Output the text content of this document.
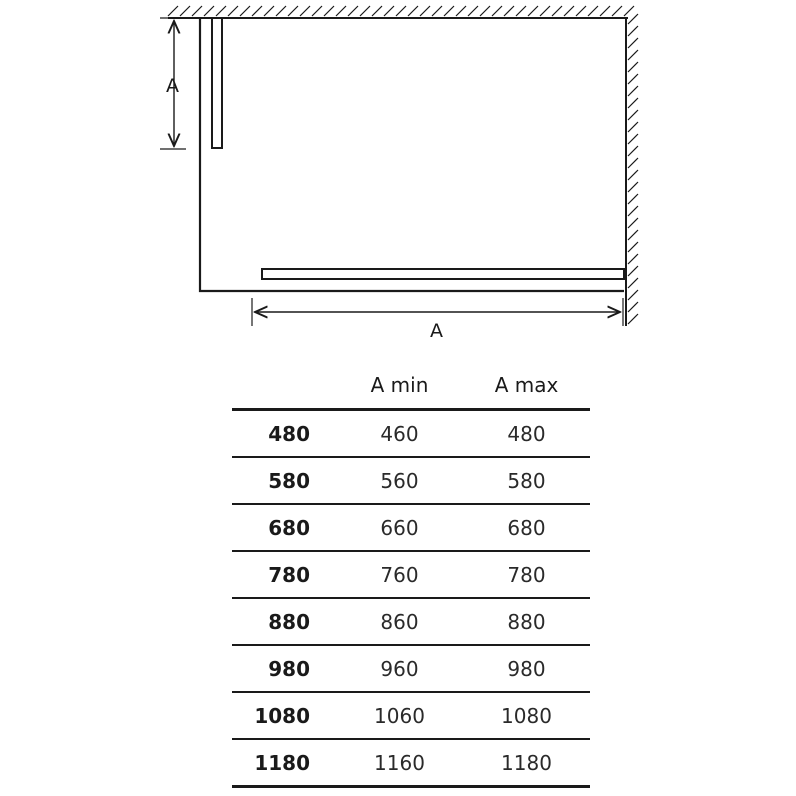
A
A
	A min	A max
480	460	480
580	560	580
680	660	680
780	760	780
880	860	880
980	960	980
1080	1060	1080
1180	1160	1180
